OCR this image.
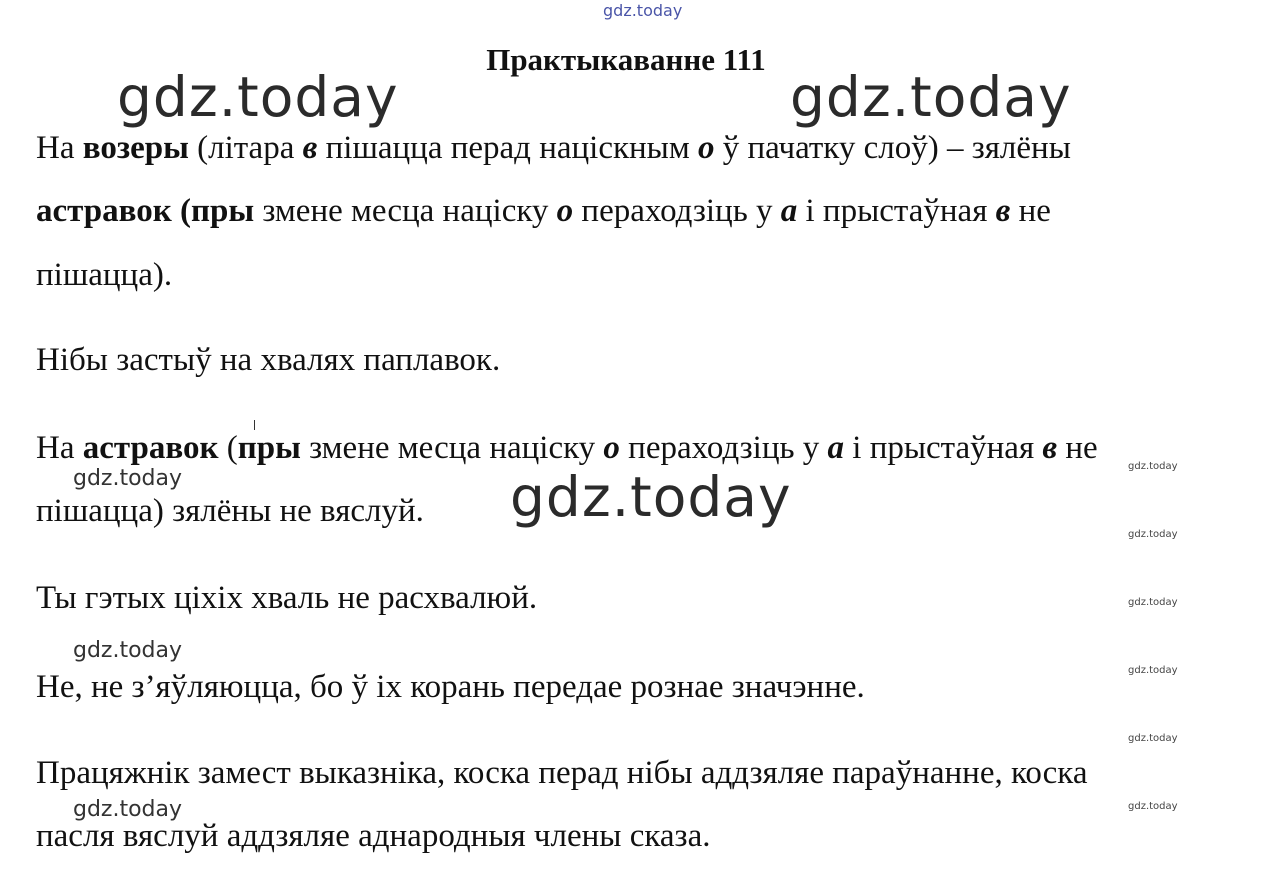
gdz.today
Практыкаванне 111
gdz.today	gdz.today
На возеры (літара в пішацца перад націскным о ў пачатку слоў) – зялёны
астравок (пры змене месца націску о пераходзіць у а і прыстаўная в не
пішацца).
Нібы застыў на хвалях паплавок.
На астравок (пры змене месца націску о пераходзіць у а і прыстаўная в не
пішацца) зялёны не вяслуй.
gdz.today	gdz.today
Ты гэтых ціхіх хваль не расхвалюй.
gdz.today
Не, не з’яўляюцца, бо ў іх корань передае рознае значэнне.
Працяжнік замест выказніка, коска перад нібы аддзяляе параўнанне, коска
gdz.today
пасля вяслуй аддзяляе аднародныя члены сказа.
gdz.today
gdz.today
gdz.today
gdz.today
gdz.today
gdz.today
